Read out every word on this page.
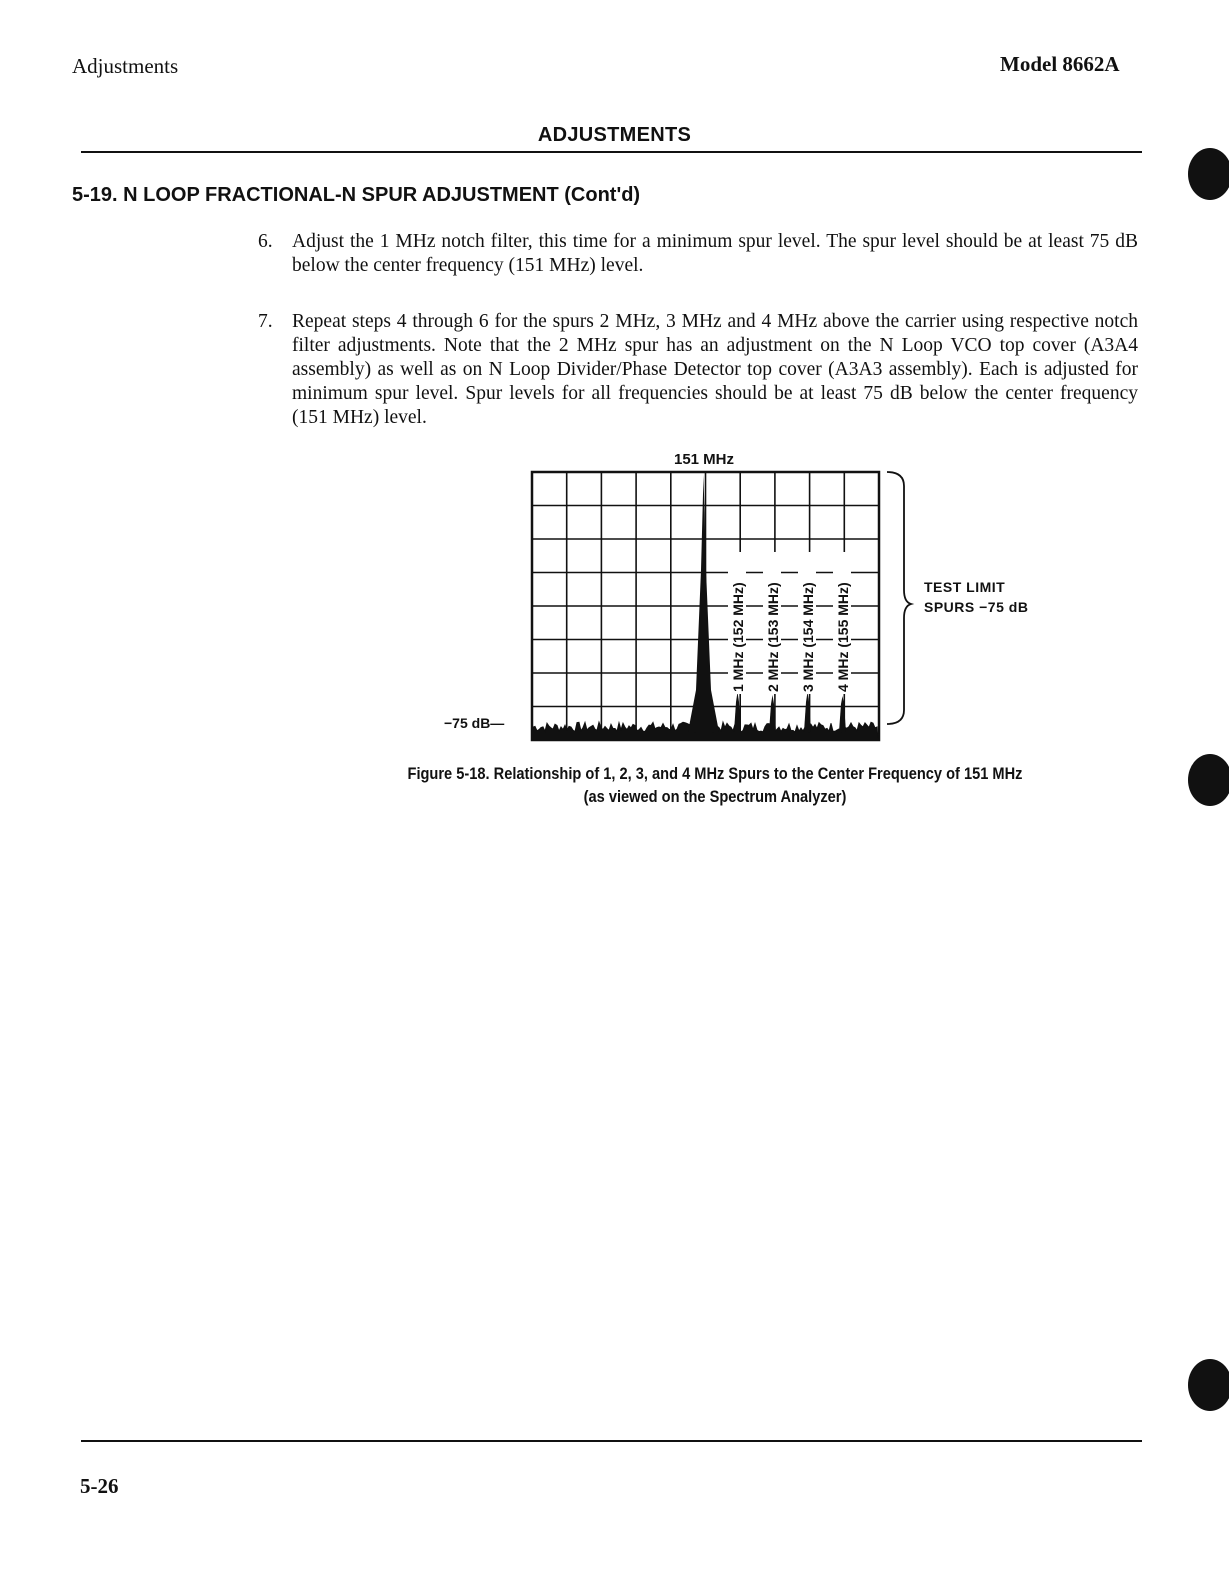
Adjustments	Model 8662A
ADJUSTMENTS
5-19. N LOOP FRACTIONAL-N SPUR ADJUSTMENT (Cont'd)
6. Adjust the 1 MHz notch filter, this time for a minimum spur level. The spur level should be at least 75 dB below the center frequency (151 MHz) level.
7. Repeat steps 4 through 6 for the spurs 2 MHz, 3 MHz and 4 MHz above the carrier using respective notch filter adjustments. Note that the 2 MHz spur has an adjustment on the N Loop VCO top cover (A3A4 assembly) as well as on N Loop Divider/Phase Detector top cover (A3A3 assembly). Each is adjusted for minimum spur level. Spur levels for all frequencies should be at least 75 dB below the center frequency (151 MHz) level.
151 MHz
1 MHz (152 MHz) 2 MHz (153 MHz) 3 MHz (154 MHz) 4 MHz (155 MHz)
−75 dB—
TEST LIMIT
SPURS −75 dB
Figure 5-18. Relationship of 1, 2, 3, and 4 MHz Spurs to the Center Frequency of 151 MHz
(as viewed on the Spectrum Analyzer)
5-26
